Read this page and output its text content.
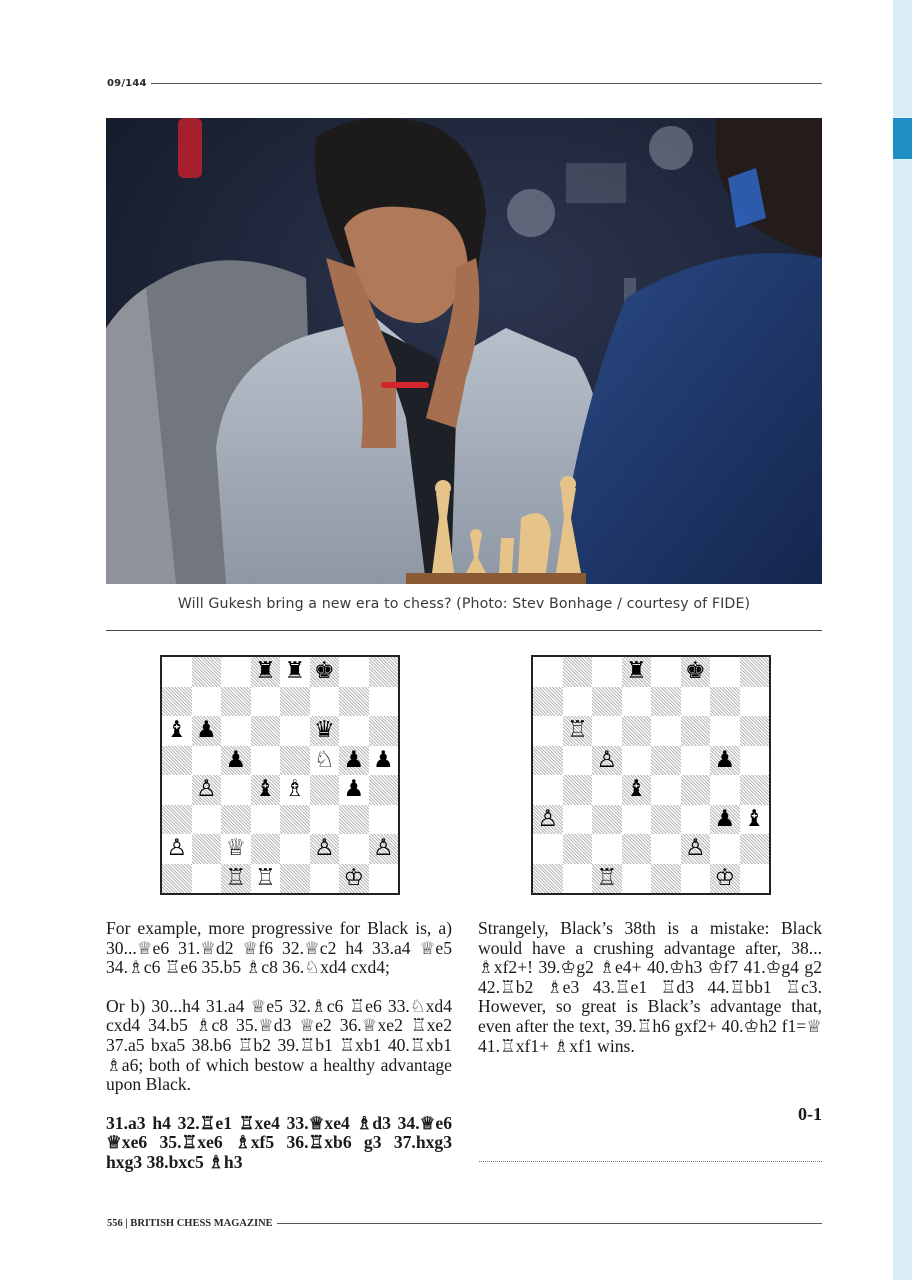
09/144
Will Gukesh bring a new era to chess? (Photo: Stev Bonhage / courtesy of FIDE)
♜ ♜ ♚
♝ ♟	♛
♟	♘ ♟ ♟
♙ ♝ ♗ ♟
♙ ♕	♙ ♙
♖ ♖	♔
♜ ♚
♖
♙	♟
♝
♙	♟ ♝
♙
♖	♔

For example, more progressive for Black is, a) 30...♕e6 31.♕d2 ♕f6 32.♕c2 h4 33.a4 ♕e5 34.♗c6 ♖e6 35.b5 ♗c8 36.♘xd4 cxd4;

Or b) 30...h4 31.a4 ♕e5 32.♗c6 ♖e6 33.♘xd4 cxd4 34.b5 ♗c8 35.♕d3 ♕e2 36.♕xe2 ♖xe2 37.a5 bxa5 38.b6 ♖b2 39.♖b1 ♖xb1 40.♖xb1 ♗a6; both of which bestow a healthy advantage upon Black.

31.a3 h4 32.♖e1 ♖xe4 33.♕xe4 ♗d3 34.♕e6 ♕xe6 35.♖xe6 ♗xf5 36.♖xb6 g3 37.hxg3 hxg3 38.bxc5 ♗h3

Strangely, Black’s 38th is a mistake: Black would have a crushing advantage after, 38... ♗xf2+! 39.♔g2 ♗e4+ 40.♔h3 ♔f7 41.♔g4 g2 42.♖b2 ♗e3 43.♖e1 ♖d3 44.♖bb1 ♖c3. However, so great is Black’s advantage that, even after the text, 39.♖h6 gxf2+ 40.♔h2 f1=♕ 41.♖xf1+ ♗xf1 wins.

0-1
556 | BRITISH CHESS MAGAZINE
